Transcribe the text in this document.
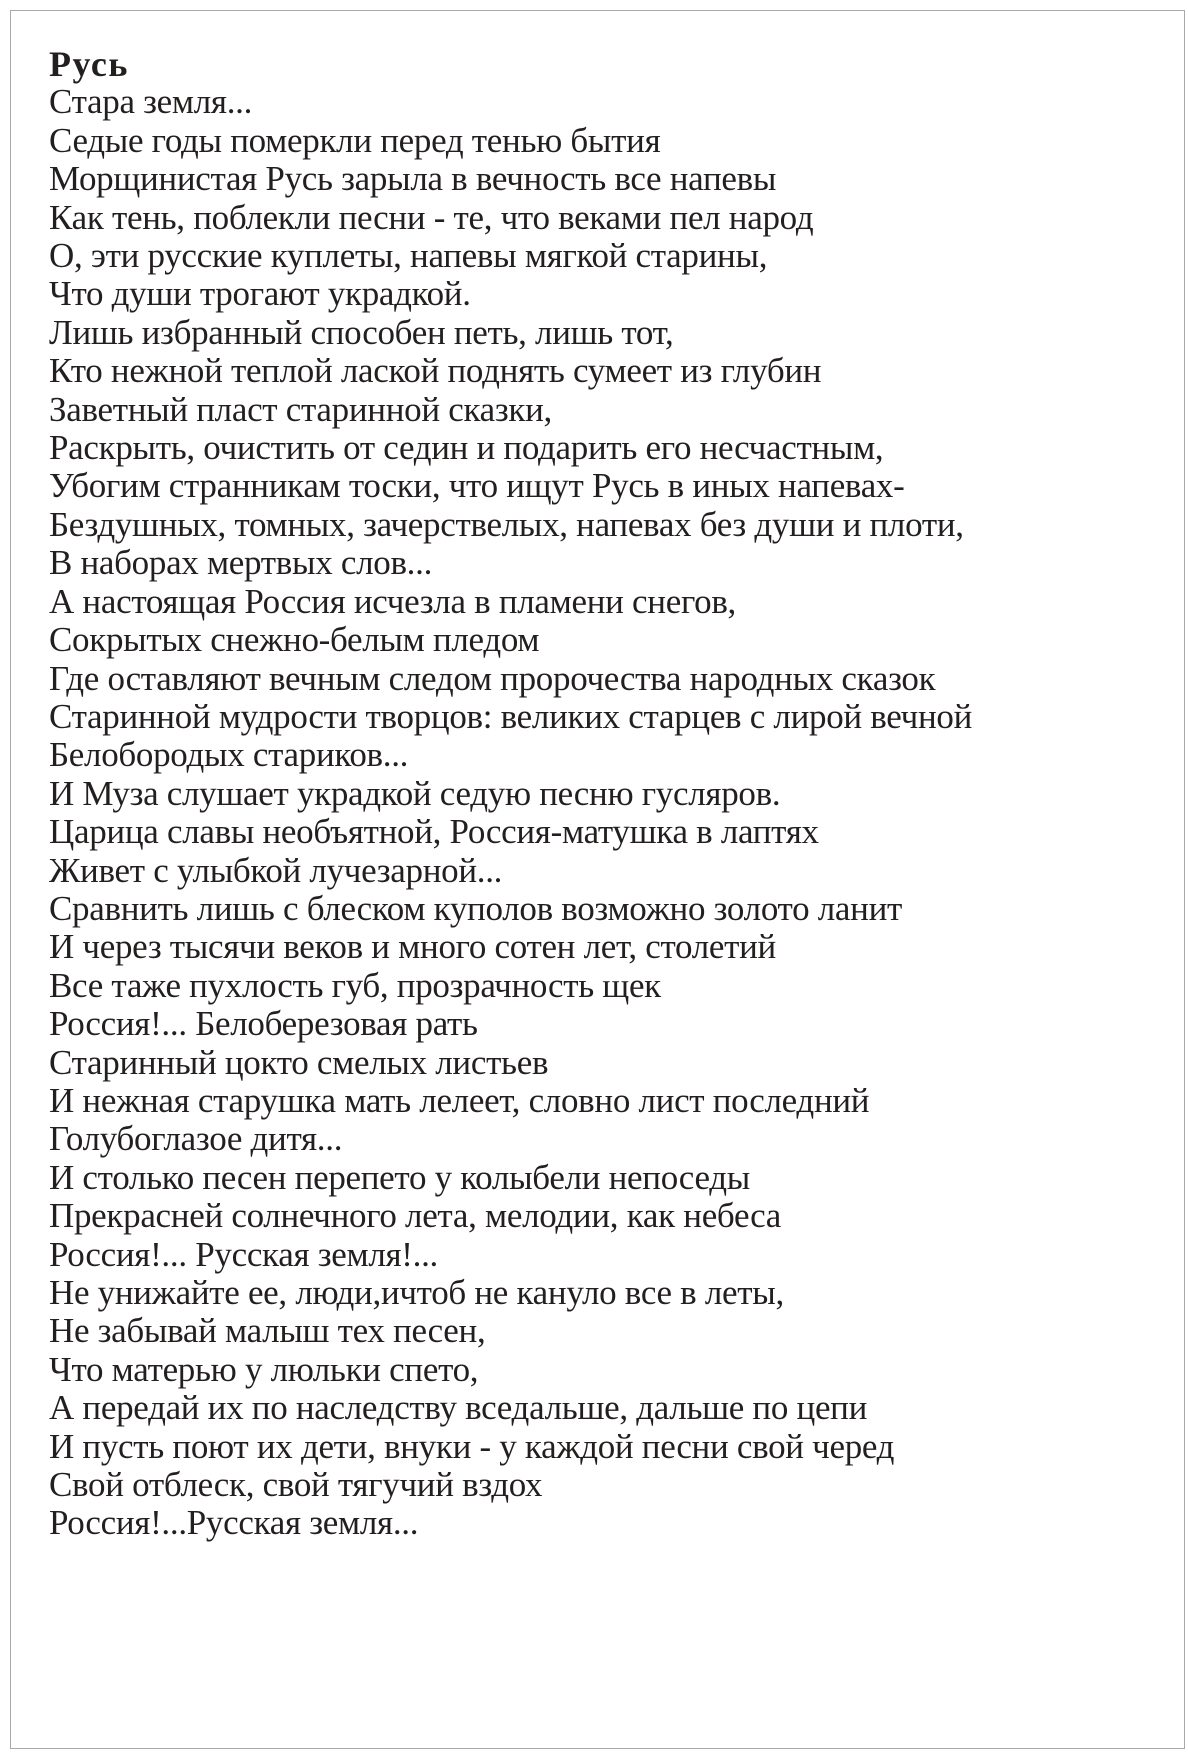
Русь
Стара земля...
Седые годы померкли перед тенью бытия
Морщинистая Русь зарыла в вечность все напевы
Как тень, поблекли песни - те, что веками пел народ
О, эти русские куплеты, напевы мягкой старины,
Что души трогают украдкой.
Лишь избранный способен петь, лишь тот,
Кто нежной теплой лаской поднять сумеет из глубин
Заветный пласт старинной сказки,
Раскрыть, очистить от седин и подарить его несчастным,
Убогим странникам тоски, что ищут Русь в иных напевах-
Бездушных, томных, зачерствелых, напевах без души и плоти,
В наборах мертвых слов...
А настоящая Россия исчезла в пламени снегов,
Сокрытых снежно-белым пледом
Где оставляют вечным следом пророчества народных сказок
Старинной мудрости творцов: великих старцев с лирой вечной
Белобородых стариков...
И Муза слушает украдкой седую песню гусляров.
Царица славы необъятной, Россия-матушка в лаптях
Живет с улыбкой лучезарной...
Сравнить лишь с блеском куполов возможно золото ланит
И через тысячи веков и много сотен лет, столетий
Все таже пухлость губ, прозрачность щек
Россия!... Белоберезовая рать
Старинный цокто смелых листьев
И нежная старушка мать лелеет, словно лист последний
Голубоглазое дитя...
И столько песен перепето у колыбели непоседы
Прекрасней солнечного лета, мелодии, как небеса
Россия!... Русская земля!...
Не унижайте ее, люди,ичтоб не кануло все в леты,
Не забывай малыш тех песен,
Что матерью у люльки спето,
А передай их по наследству вседальше, дальше по цепи
И пусть поют их дети, внуки - у каждой песни свой черед
Свой отблеск, свой тягучий вздох
Россия!...Русская земля...
